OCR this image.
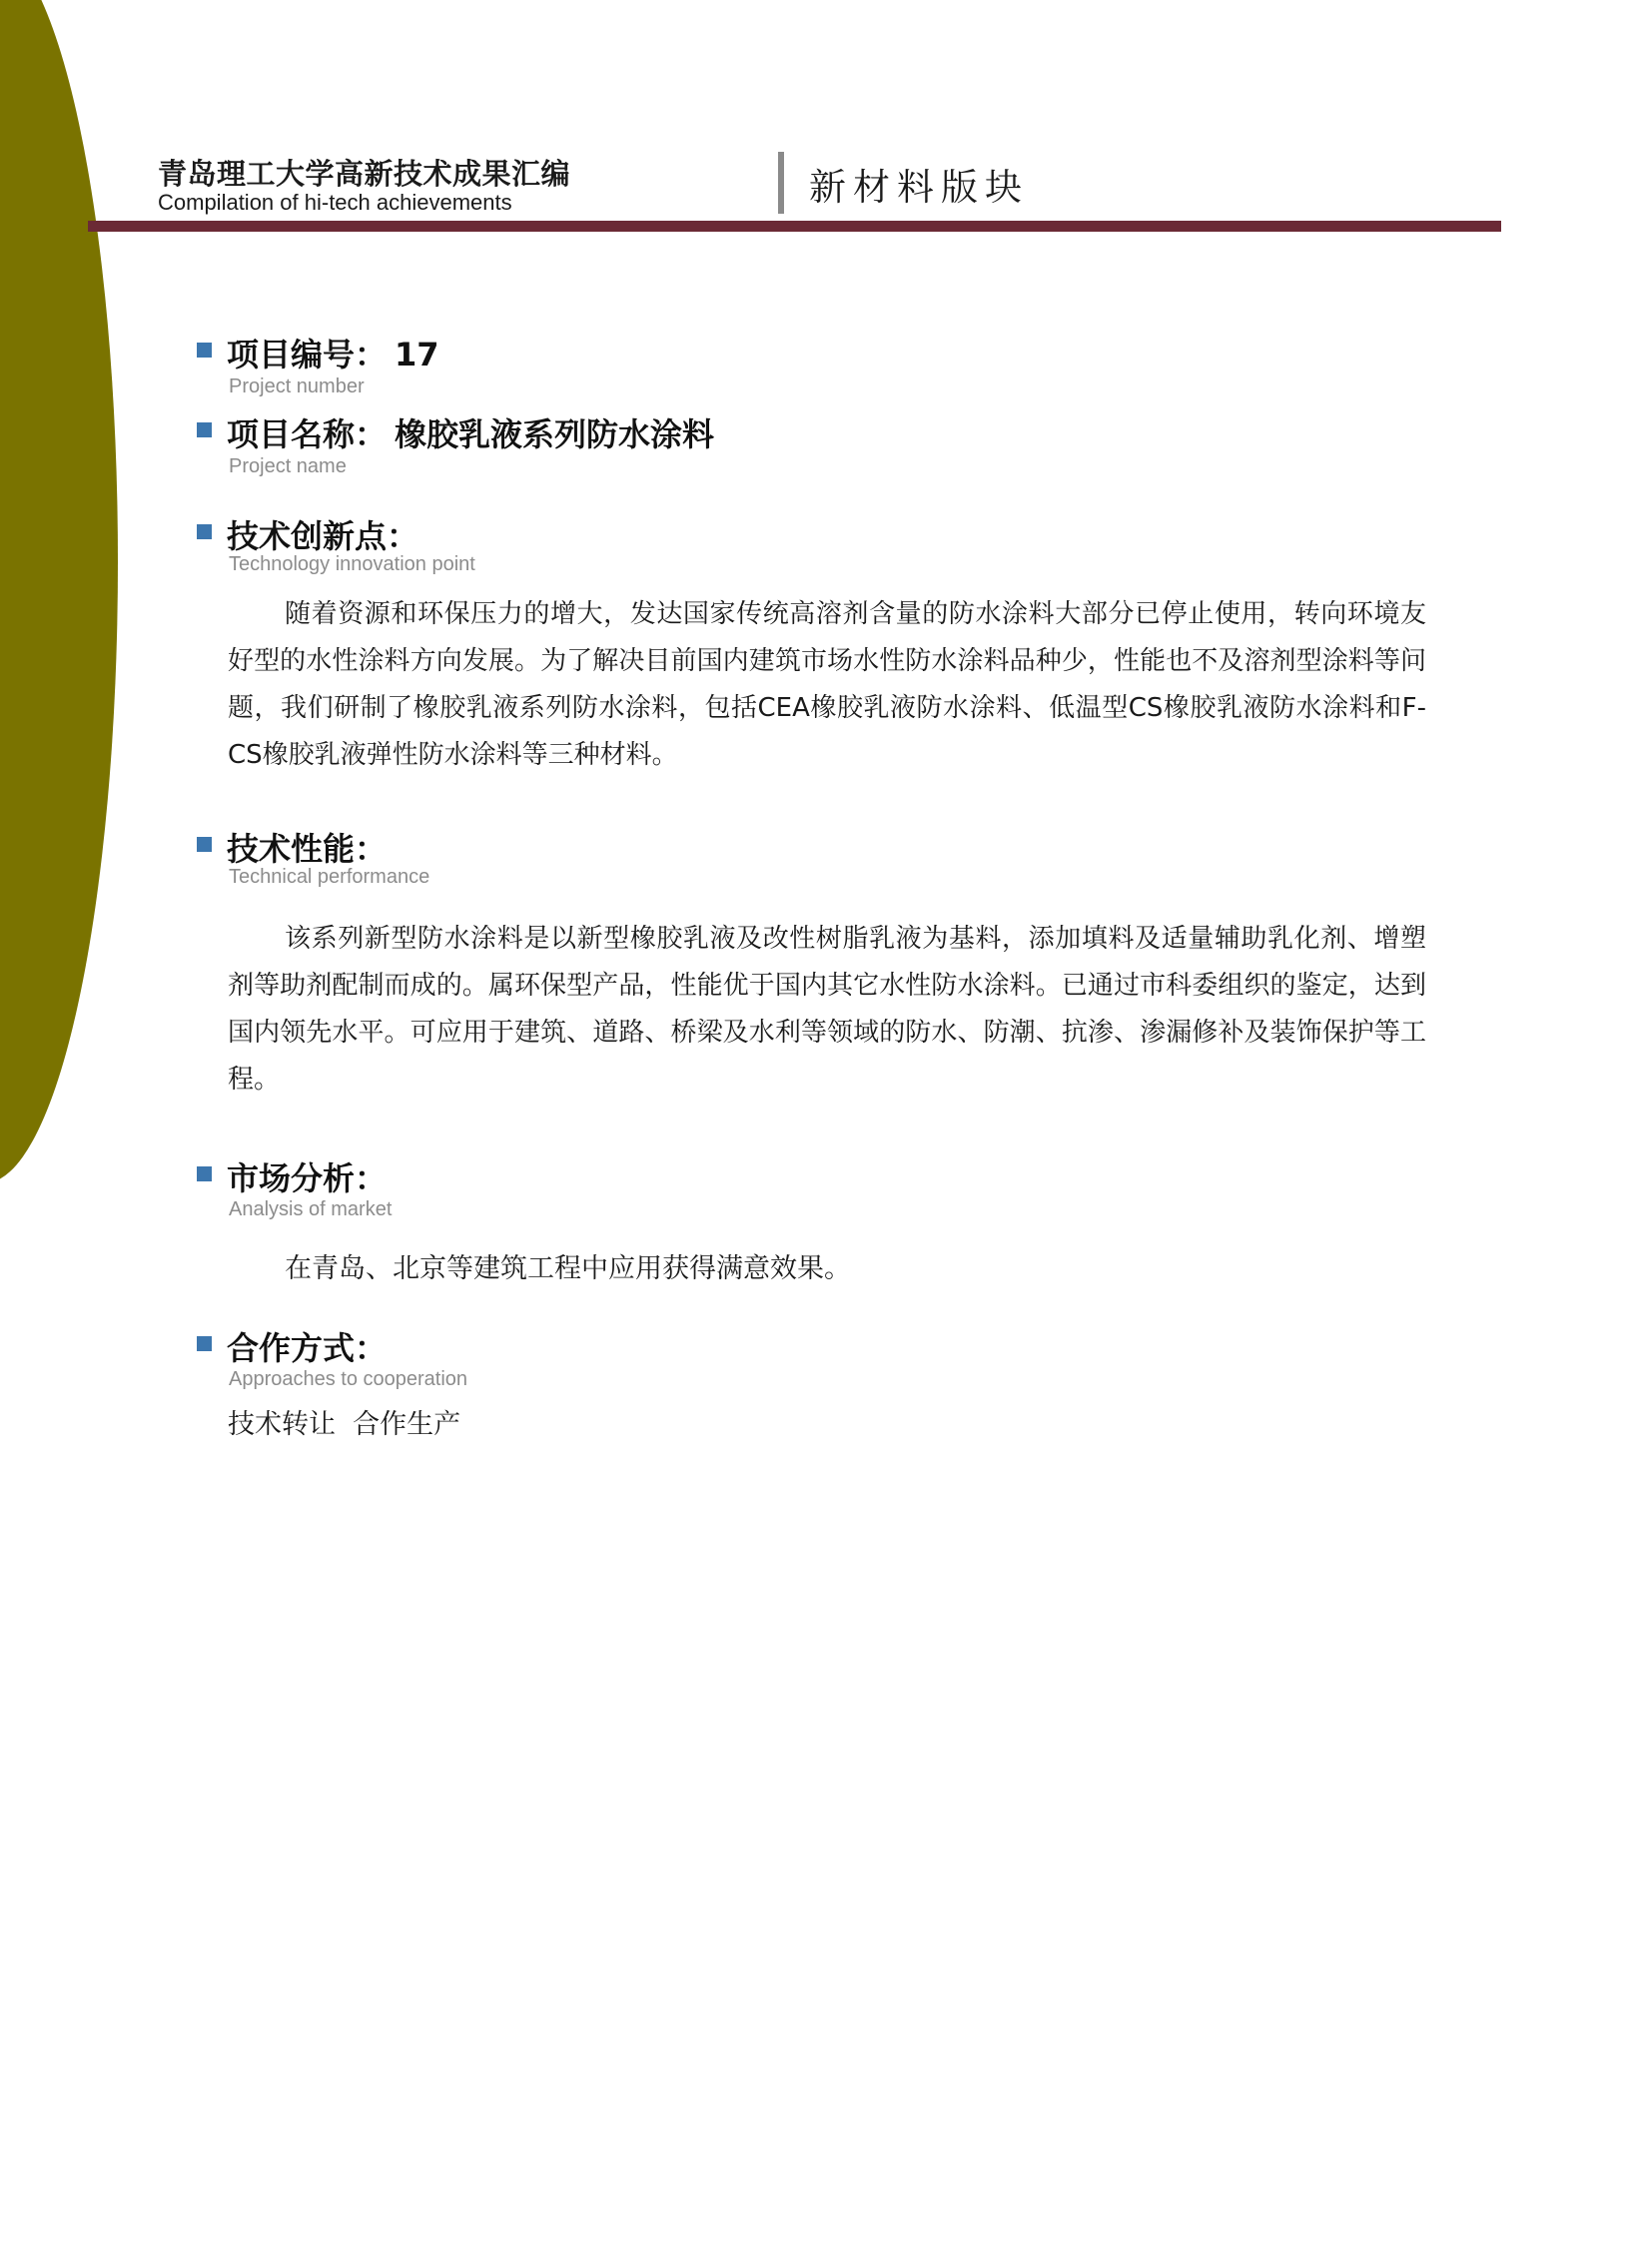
青岛理工大学高新技术成果汇编
Compilation of hi-tech achievements	新材料版块
项目编号： 17
Project number
项目名称： 橡胶乳液系列防水涂料
Project name
技术创新点：
Technology innovation point
随着资源和环保压力的增大，发达国家传统高溶剂含量的防水涂料大部分已停止使用，转向环境友好型的水性涂料方向发展。为了解决目前国内建筑市场水性防水涂料品种少，性能也不及溶剂型涂料等问题，我们研制了橡胶乳液系列防水涂料，包括CEA橡胶乳液防水涂料、低温型CS橡胶乳液防水涂料和F-CS橡胶乳液弹性防水涂料等三种材料。
技术性能：
Technical performance
该系列新型防水涂料是以新型橡胶乳液及改性树脂乳液为基料，添加填料及适量辅助乳化剂、增塑剂等助剂配制而成的。属环保型产品，性能优于国内其它水性防水涂料。已通过市科委组织的鉴定，达到国内领先水平。可应用于建筑、道路、桥梁及水利等领域的防水、防潮、抗渗、渗漏修补及装饰保护等工程。
市场分析：
Analysis of market
在青岛、北京等建筑工程中应用获得满意效果。
合作方式：
Approaches to cooperation
技术转让  合作生产
